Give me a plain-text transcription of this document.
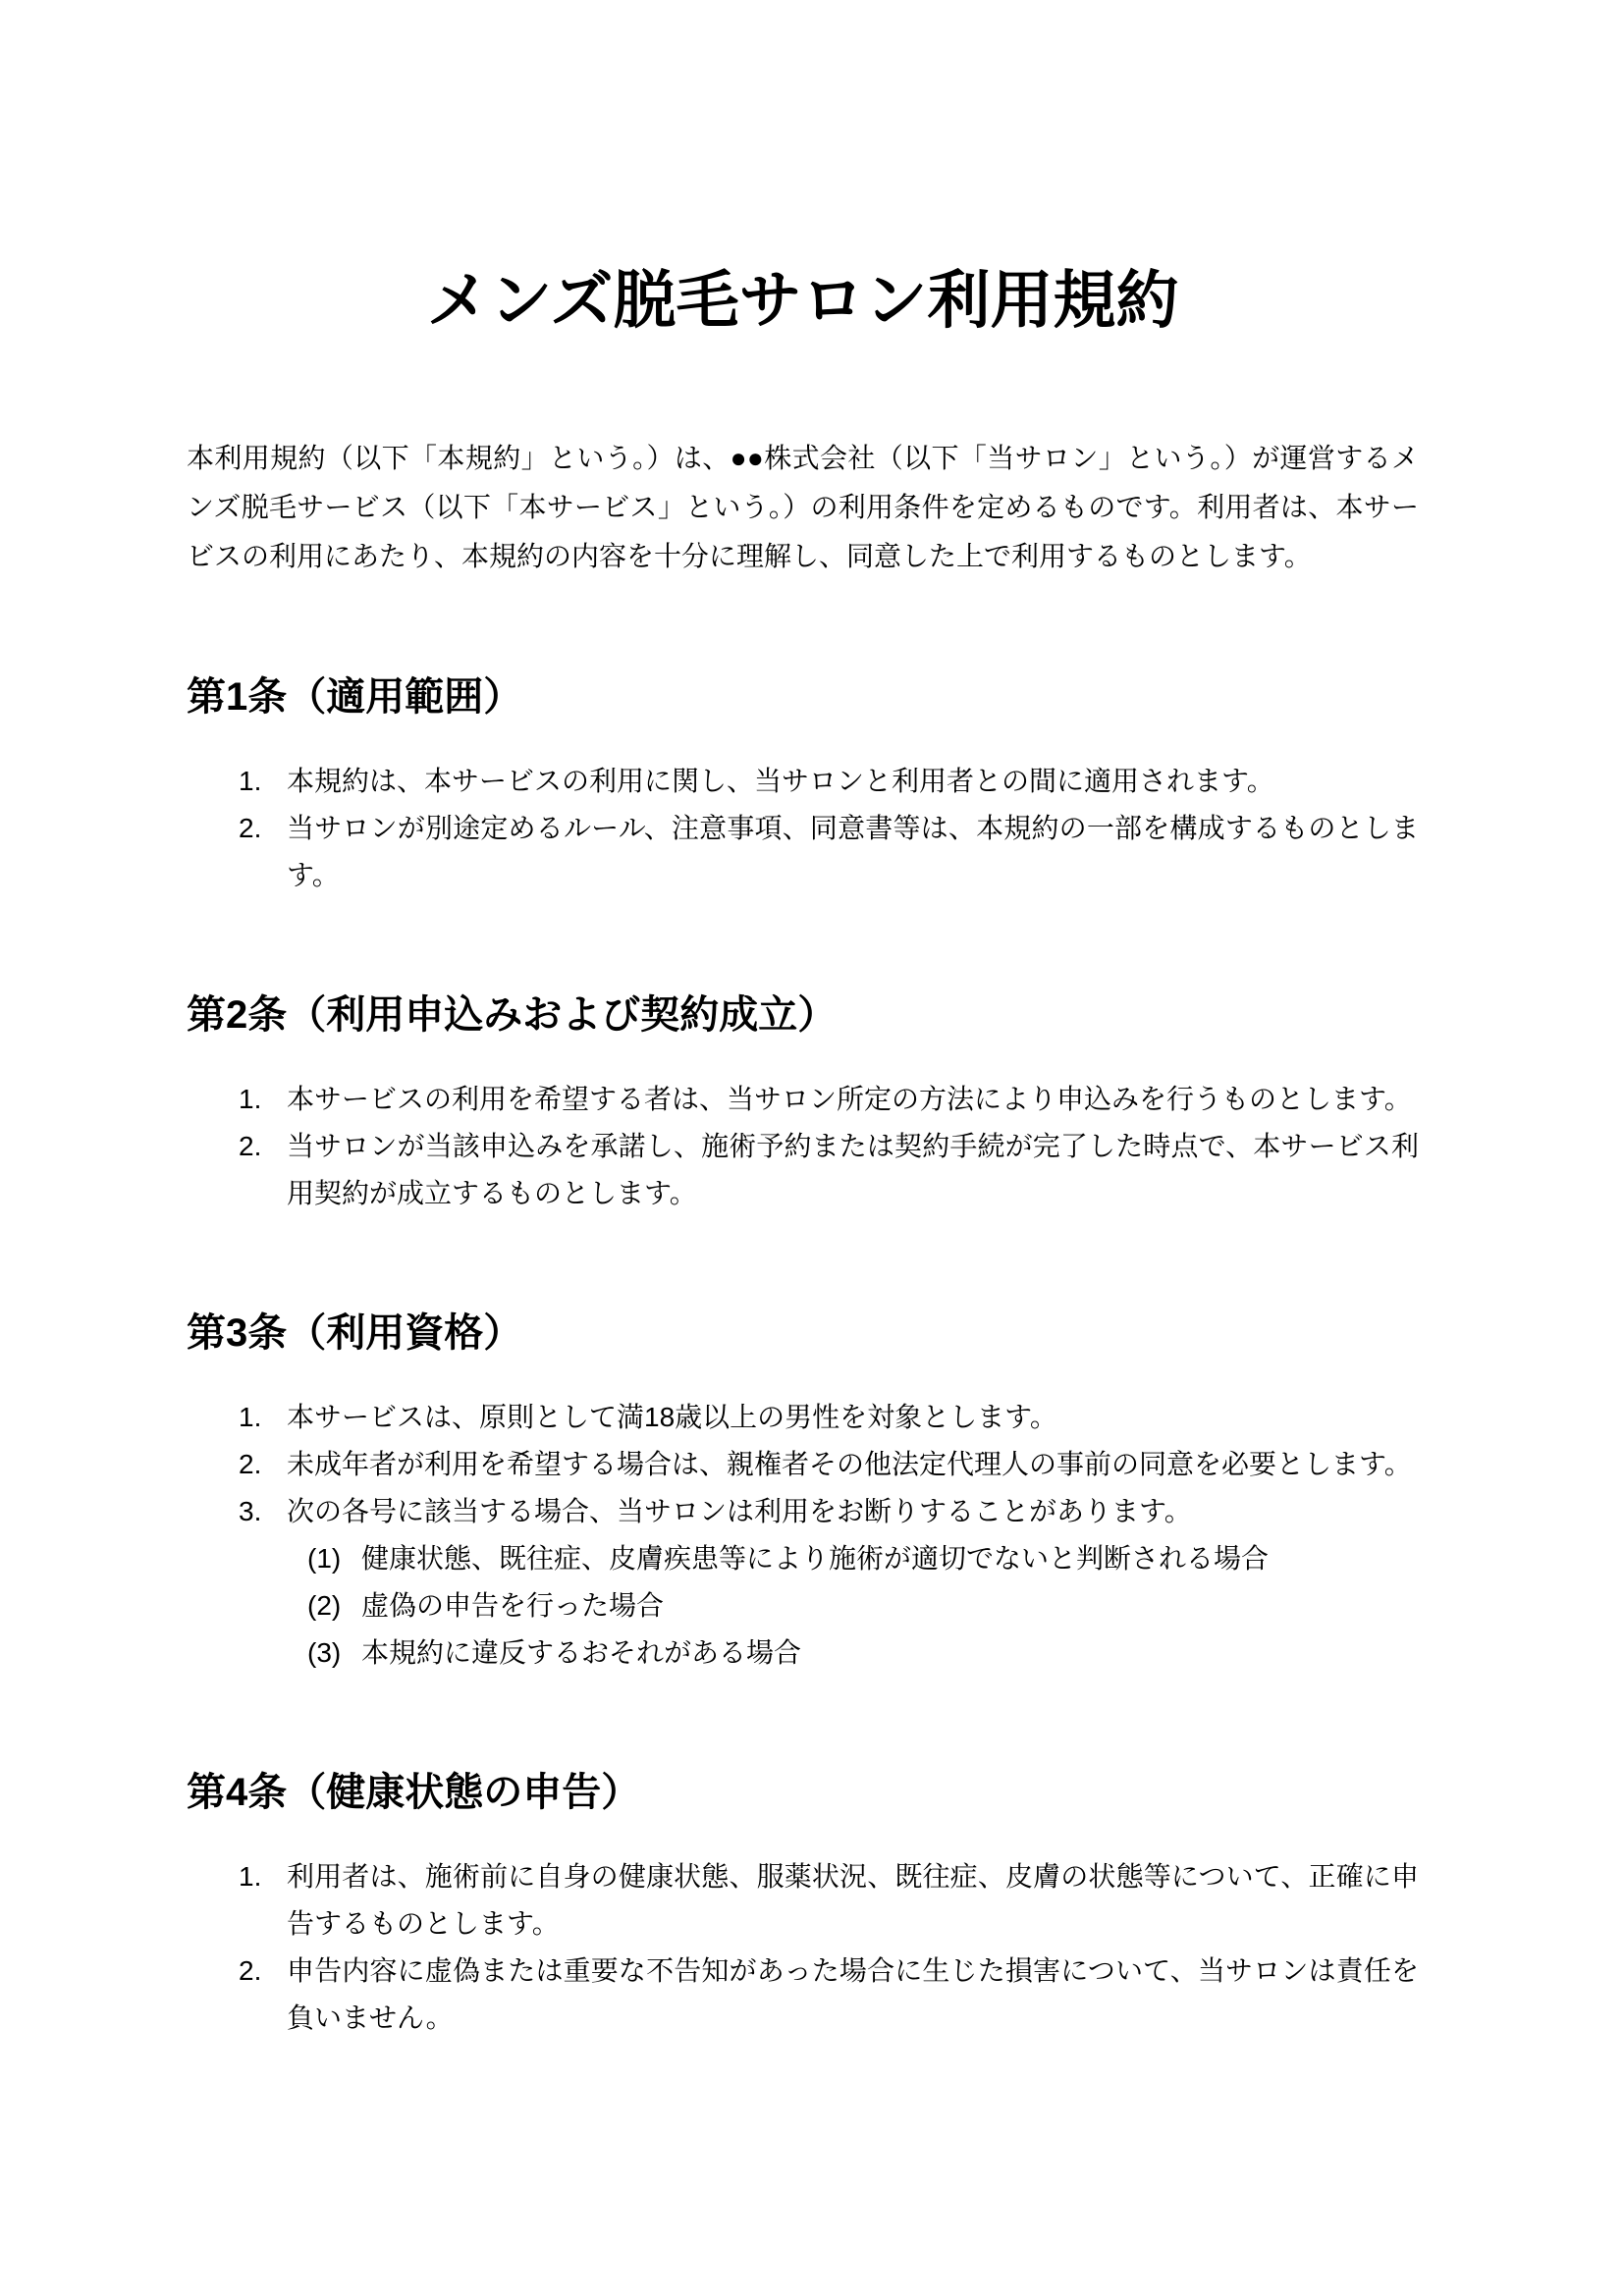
メンズ脱毛サロン利用規約

本利用規約（以下「本規約」という。）は、●●株式会社（以下「当サロン」という。）が運営するメンズ脱毛サービス（以下「本サービス」という。）の利用条件を定めるものです。利用者は、本サービスの利用にあたり、本規約の内容を十分に理解し、同意した上で利用するものとします。

第1条（適用範囲）
1. 本規約は、本サービスの利用に関し、当サロンと利用者との間に適用されます。
2. 当サロンが別途定めるルール、注意事項、同意書等は、本規約の一部を構成するものとします。
第2条（利用申込みおよび契約成立）
1. 本サービスの利用を希望する者は、当サロン所定の方法により申込みを行うものとします。
2. 当サロンが当該申込みを承諾し、施術予約または契約手続が完了した時点で、本サービス利用契約が成立するものとします。
第3条（利用資格）
1. 本サービスは、原則として満18歳以上の男性を対象とします。
2. 未成年者が利用を希望する場合は、親権者その他法定代理人の事前の同意を必要とします。
3. 次の各号に該当する場合、当サロンは利用をお断りすることがあります。
(1) 健康状態、既往症、皮膚疾患等により施術が適切でないと判断される場合
(2) 虚偽の申告を行った場合
(3) 本規約に違反するおそれがある場合
第4条（健康状態の申告）
1. 利用者は、施術前に自身の健康状態、服薬状況、既往症、皮膚の状態等について、正確に申告するものとします。
2. 申告内容に虚偽または重要な不告知があった場合に生じた損害について、当サロンは責任を負いません。
